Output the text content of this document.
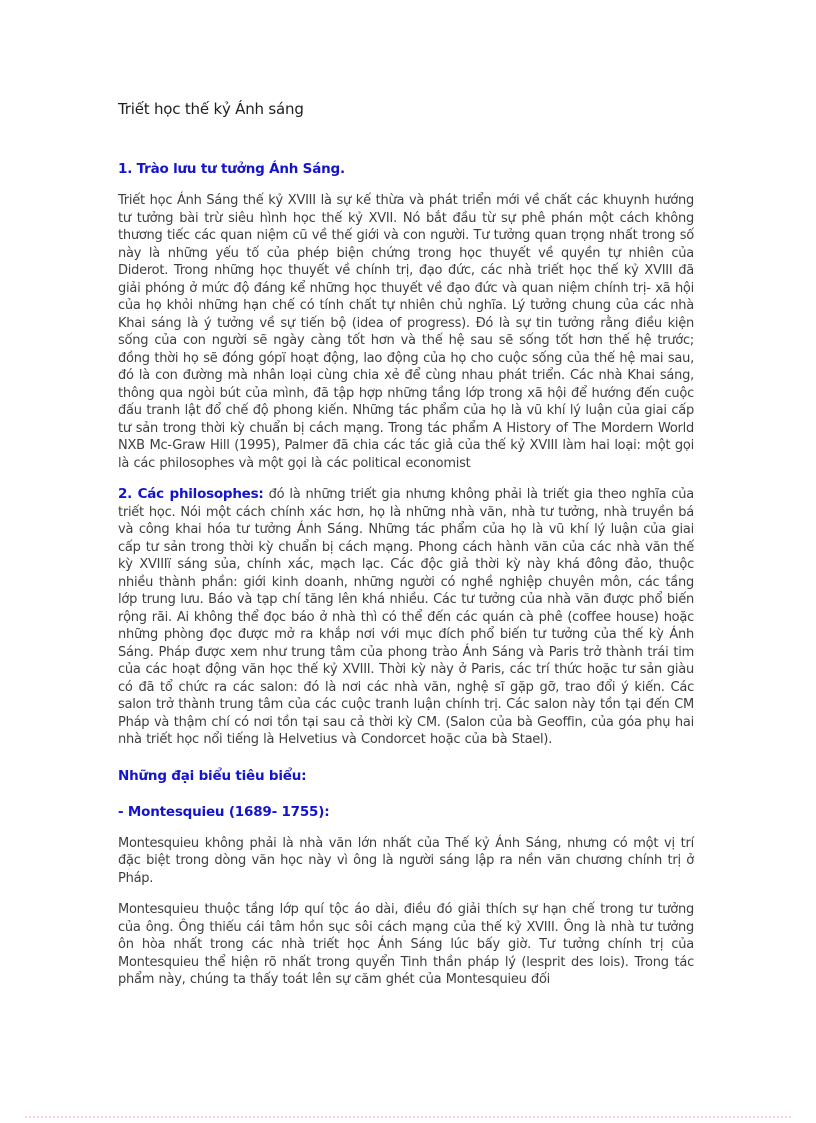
Triết học thế kỷ Ánh sáng
1. Trào lưu tư tưởng Ánh Sáng.

Triết học Ánh Sáng thế kỷ XVIII là sự kế thừa và phát triển mới về chất các khuynh hướng tư tưởng bài trừ siêu hình học thế kỷ XVII. Nó bắt đầu từ sự phê phán một cách không thương tiếc các quan niệm cũ về thế giới và con người. Tư tưởng quan trọng nhất trong số này là những yếu tố của phép biện chứng trong học thuyết về quyền tự nhiên của Diderot. Trong những học thuyết về chính trị, đạo đức, các nhà triết học thế kỷ XVIII đã giải phóng ở mức độ đáng kể những học thuyết về đạo đức và quan niệm chính trị- xã hội của họ khỏi những hạn chế có tính chất tự nhiên chủ nghĩa. Lý tưởng chung của các nhà Khai sáng là ý tưởng về sự tiến bộ (idea of progress). Đó là sự tin tưởng rằng điều kiện sống của con người sẽ ngày càng tốt hơn và thế hệ sau sẽ sống tốt hơn thế hệ trước; đồng thời họ sẽ đóng gópï hoạt động, lao động của họ cho cuộc sống của thế hệ mai sau, đó là con đường mà nhân loại cùng chia xẻ để cùng nhau phát triển. Các nhà Khai sáng, thông qua ngòi bút của mình, đã tập hợp những tầng lớp trong xã hội để hướng đến cuộc đấu tranh lật đổ chế độ phong kiến. Những tác phẩm của họ là vũ khí lý luận của giai cấp tư sản trong thời kỳ chuẩn bị cách mạng. Trong tác phẩm A History of The Mordern World NXB Mc-Graw Hill (1995), Palmer đã chia các tác giả của thế kỷ XVIII làm hai loại: một gọi là các philosophes và một gọi là các political economist

2. Các philosophes: đó là những triết gia nhưng không phải là triết gia theo nghĩa của triết học. Nói một cách chính xác hơn, họ là những nhà văn, nhà tư tưởng, nhà truyền bá và công khai hóa tư tưởng Ánh Sáng. Những tác phẩm của họ là vũ khí lý luận của giai cấp tư sản trong thời kỳ chuẩn bị cách mạng. Phong cách hành văn của các nhà văn thế kỳ XVIIIï sáng sủa, chính xác, mạch lạc. Các độc giả thời kỳ này khá đông đảo, thuộc nhiều thành phần: giới kinh doanh, những người có nghề nghiệp chuyên môn, các tầng lớp trung lưu. Báo và tạp chí tăng lên khá nhiều. Các tư tưởng của nhà văn được phổ biến rộng rãi. Ai không thể đọc báo ở nhà thì có thể đến các quán cà phê (coffee house) hoặc những phòng đọc được mở ra khắp nơi với mục đích phổ biến tư tưởng của thế kỳ Ánh Sáng. Pháp được xem như trung tâm của phong trào Ánh Sáng và Paris trở thành trái tim của các hoạt động văn học thế kỷ XVIII. Thời kỳ này ở Paris, các trí thức hoặc tư sản giàu có đã tổ chức ra các salon: đó là nơi các nhà văn, nghệ sĩ gặp gỡ, trao đổi ý kiến. Các salon trở thành trung tâm của các cuộc tranh luận chính trị. Các salon này tồn tại đến CM Pháp và thậm chí có nơi tồn tại sau cả thời kỳ CM. (Salon của bà Geoffin, của góa phụ hai nhà triết học nổi tiếng là Helvetius và Condorcet hoặc của bà Stael).

Những đại biểu tiêu biểu:
- Montesquieu (1689- 1755):

Montesquieu không phải là nhà văn lớn nhất của Thế kỷ Ánh Sáng, nhưng có một vị trí đặc biệt trong dòng văn học này vì ông là người sáng lập ra nền văn chương chính trị ở Pháp.

Montesquieu thuộc tầng lớp quí tộc áo dài, điều đó giải thích sự hạn chế trong tư tưởng của ông. Ông thiếu cái tâm hồn sục sôi cách mạng của thế kỷ XVIII. Ông là nhà tư tưởng ôn hòa nhất trong các nhà triết học Ánh Sáng lúc bấy giờ. Tư tưởng chính trị của Montesquieu thể hiện rõ nhất trong quyển Tinh thần pháp lý (lesprit des lois). Trong tác phẩm này, chúng ta thấy toát lên sự căm ghét của Montesquieu đối
